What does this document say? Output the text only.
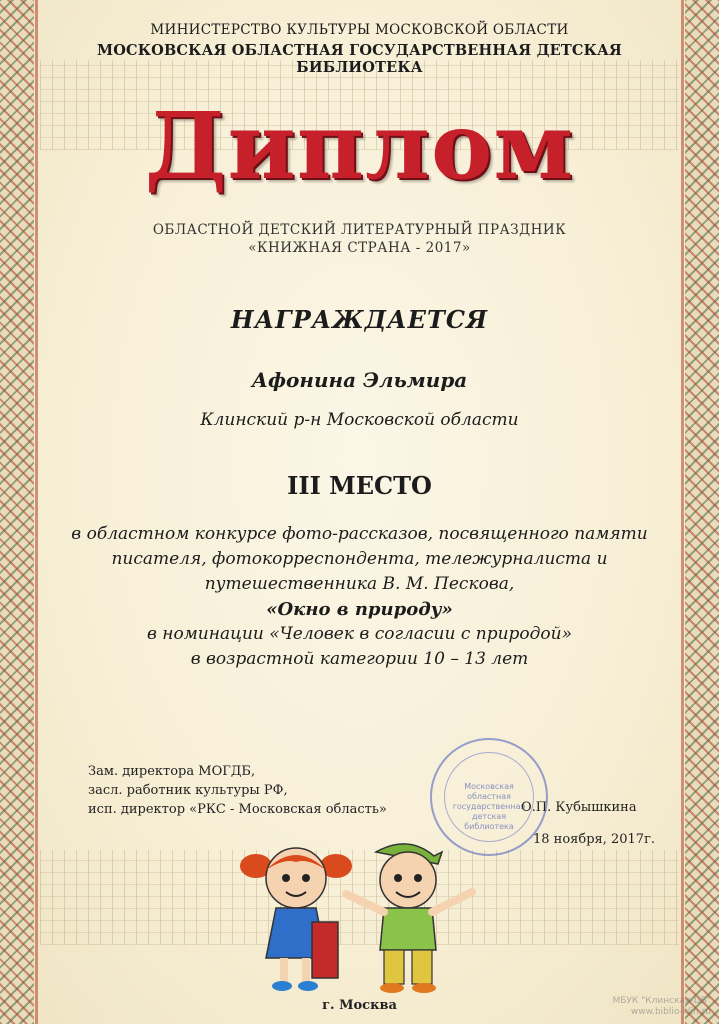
МИНИСТЕРСТВО КУЛЬТУРЫ МОСКОВСКОЙ ОБЛАСТИ
МОСКОВСКАЯ ОБЛАСТНАЯ ГОСУДАРСТВЕННАЯ ДЕТСКАЯ БИБЛИОТЕКА
Диплом
ОБЛАСТНОЙ ДЕТСКИЙ ЛИТЕРАТУРНЫЙ ПРАЗДНИК
«КНИЖНАЯ СТРАНА - 2017»
НАГРАЖДАЕТСЯ
Афонина Эльмира
Клинский р-н Московской области
III МЕСТО
в областном конкурсе фото-рассказов, посвященного памяти
писателя, фотокорреспондента, тележурналиста и
путешественника В. М. Пескова,
«Окно в природу»
в номинации «Человек в согласии с природой»
в возрастной категории 10 – 13 лет
Московская
областная
государственная
детская
библиотека
Зам. директора МОГДБ,
засл. работник культуры РФ,
исп. директор «РКС - Московская область»	О.П. Кубышкина
18 ноября, 2017г.
г. Москва	МБУК "Клинская-ЦБ"
www.biblio-klin.ru
